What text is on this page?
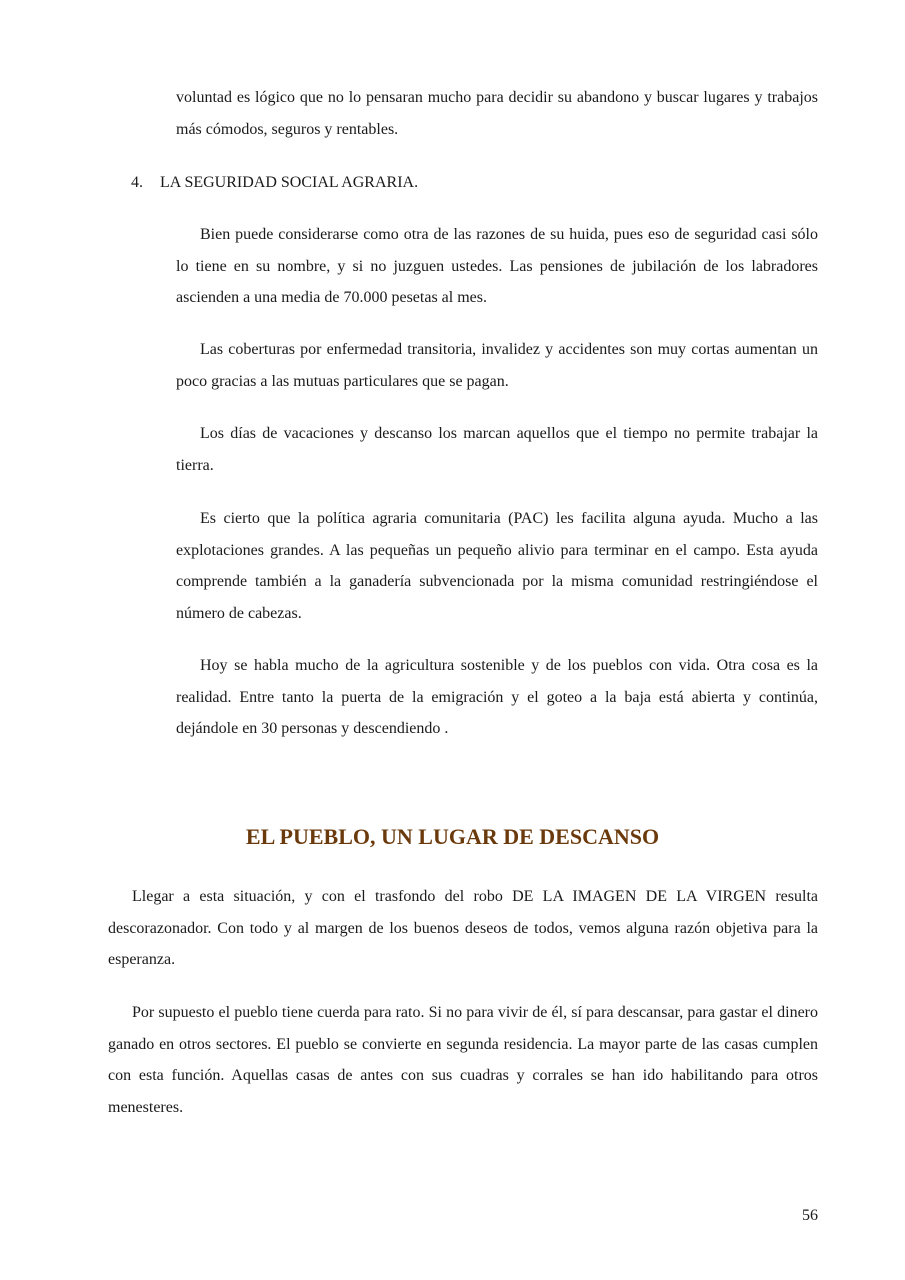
voluntad es lógico que no lo pensaran mucho para decidir su abandono y buscar lugares y trabajos más cómodos, seguros y rentables.

4. LA SEGURIDAD SOCIAL AGRARIA.

Bien puede considerarse como otra de las razones de su huida, pues eso de seguridad casi sólo lo tiene en su nombre, y si no juzguen ustedes. Las pensiones de jubilación de los labradores ascienden a una media de 70.000 pesetas al mes.

Las coberturas por enfermedad transitoria, invalidez y accidentes son muy cortas aumentan un poco gracias a las mutuas particulares que se pagan.

Los días de vacaciones y descanso los marcan aquellos que el tiempo no permite trabajar la tierra.

Es cierto que la política agraria comunitaria (PAC) les facilita alguna ayuda. Mucho a las explotaciones grandes. A las pequeñas un pequeño alivio para terminar en el campo. Esta ayuda comprende también a la ganadería subvencionada por la misma comunidad restringiéndose el número de cabezas.

Hoy se habla mucho de la agricultura sostenible y de los pueblos con vida. Otra cosa es la realidad. Entre tanto la puerta de la emigración y el goteo a la baja está abierta y continúa, dejándole en 30 personas y descendiendo .

EL PUEBLO, UN LUGAR DE DESCANSO

Llegar a esta situación, y con el trasfondo del robo DE LA IMAGEN DE LA VIRGEN resulta descorazonador. Con todo y al margen de los buenos deseos de todos, vemos alguna razón objetiva para la esperanza.

Por supuesto el pueblo tiene cuerda para rato. Si no para vivir de él, sí para descansar, para gastar el dinero ganado en otros sectores. El pueblo se convierte en segunda residencia. La mayor parte de las casas cumplen con esta función. Aquellas casas de antes con sus cuadras y corrales se han ido habilitando para otros menesteres.

56
